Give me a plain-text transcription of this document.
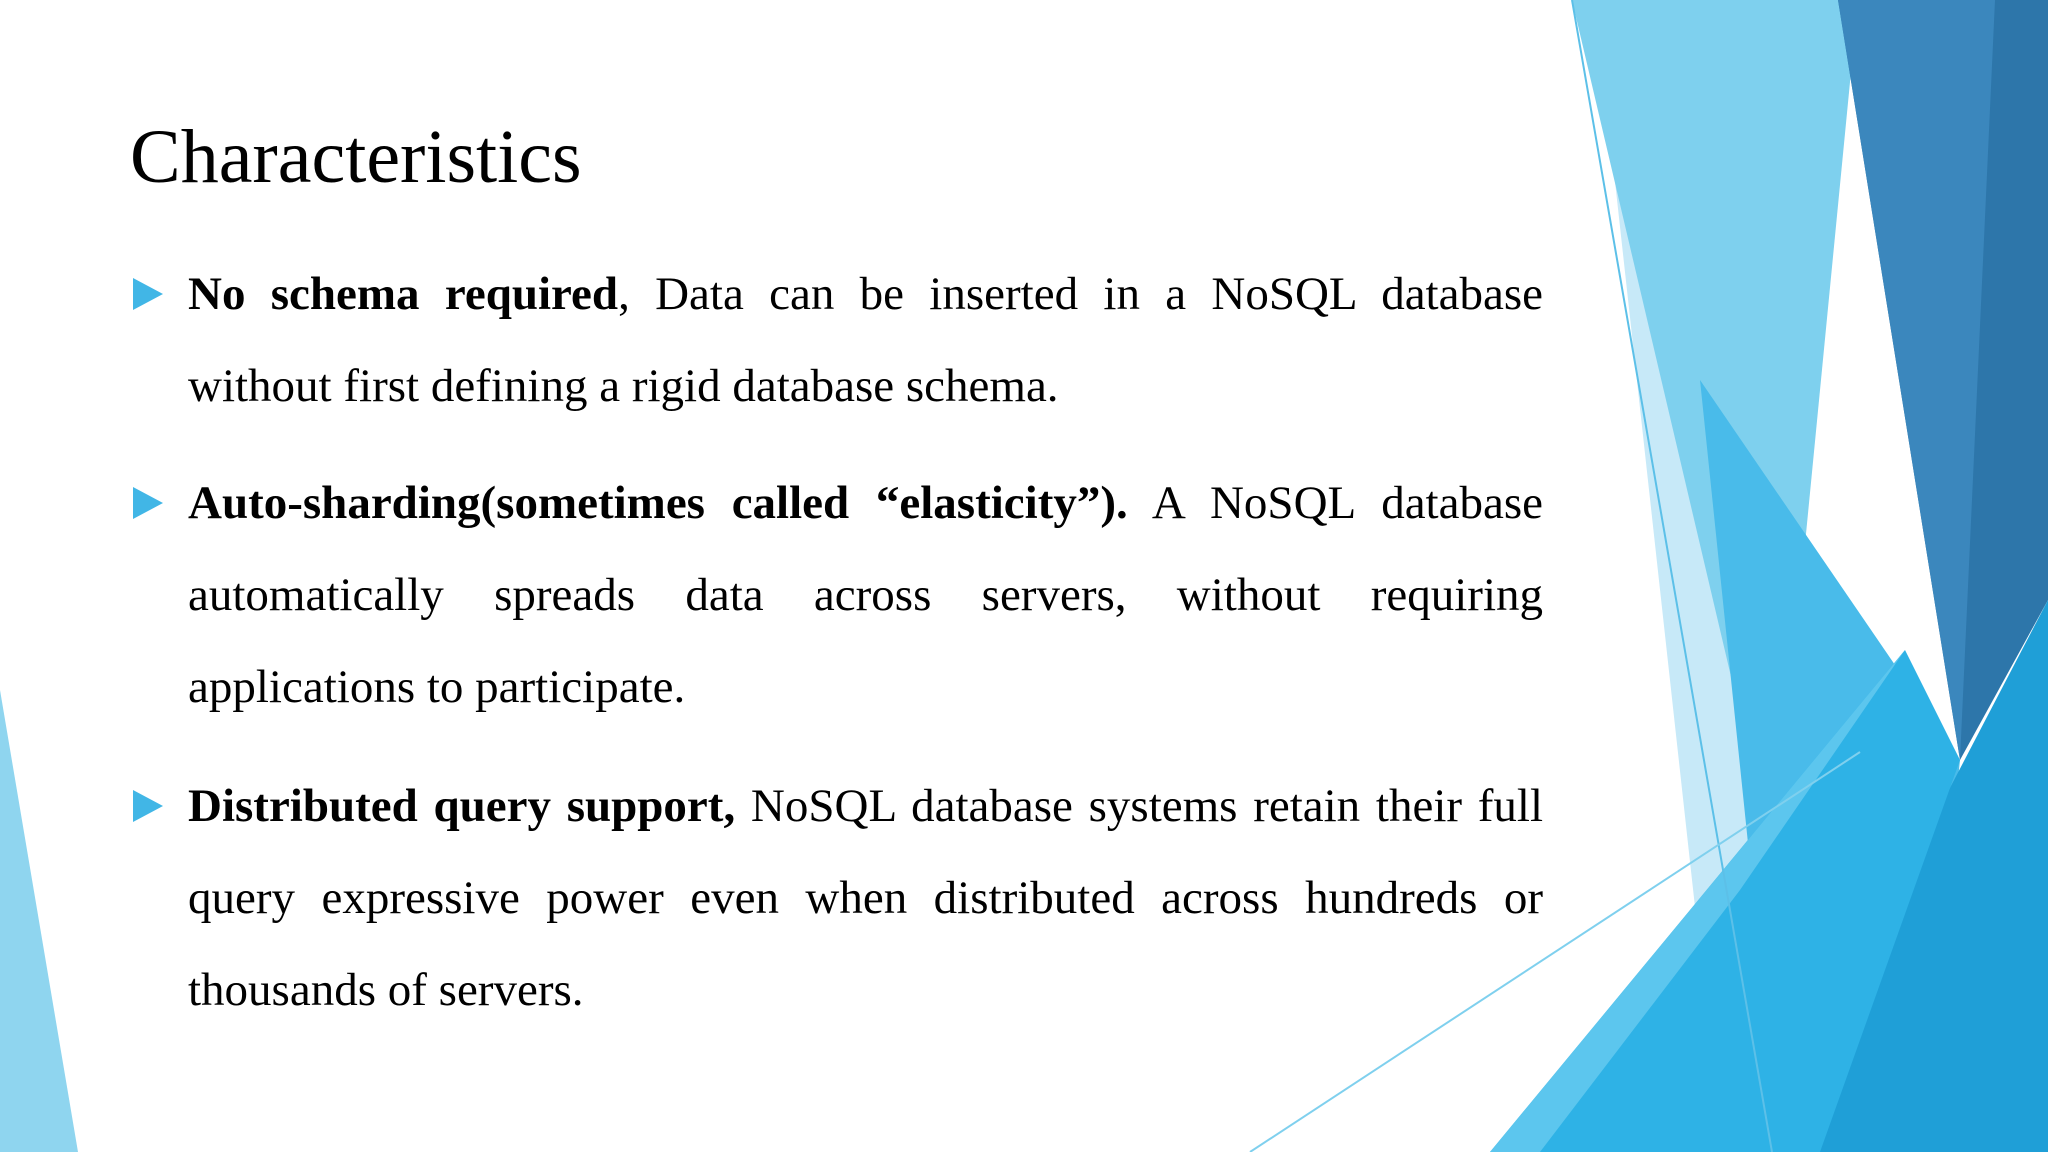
Characteristics

No schema required, Data can be inserted in a NoSQL database without first defining a rigid database schema.

Auto-sharding(sometimes called “elasticity”). A NoSQL database automatically spreads data across servers, without requiring applications to participate.

Distributed query support, NoSQL database systems retain their full query expressive power even when distributed across hundreds or thousands of servers.
